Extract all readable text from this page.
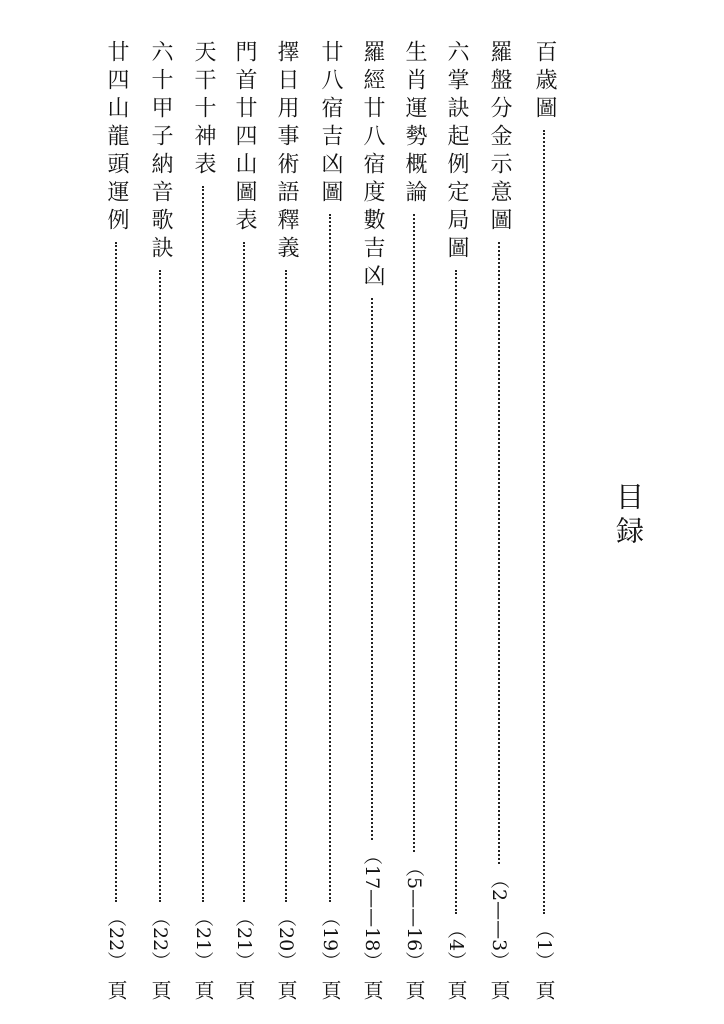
目録
百歳圖
（1）
頁
羅盤分金示意圖
（2——3）
頁
六掌訣起例定局圖
（4）
頁
生肖運勢概論
（5——16）
頁
羅經廿八宿度數吉凶
（17——18）
頁
廿八宿吉凶圖
（19）
頁
擇日用事術語釋義
（20）
頁
門首廿四山圖表
（21）
頁
天干十神表
（21）
頁
六十甲子納音歌訣
（22）
頁
廿四山龍頭運例
（22）
頁
